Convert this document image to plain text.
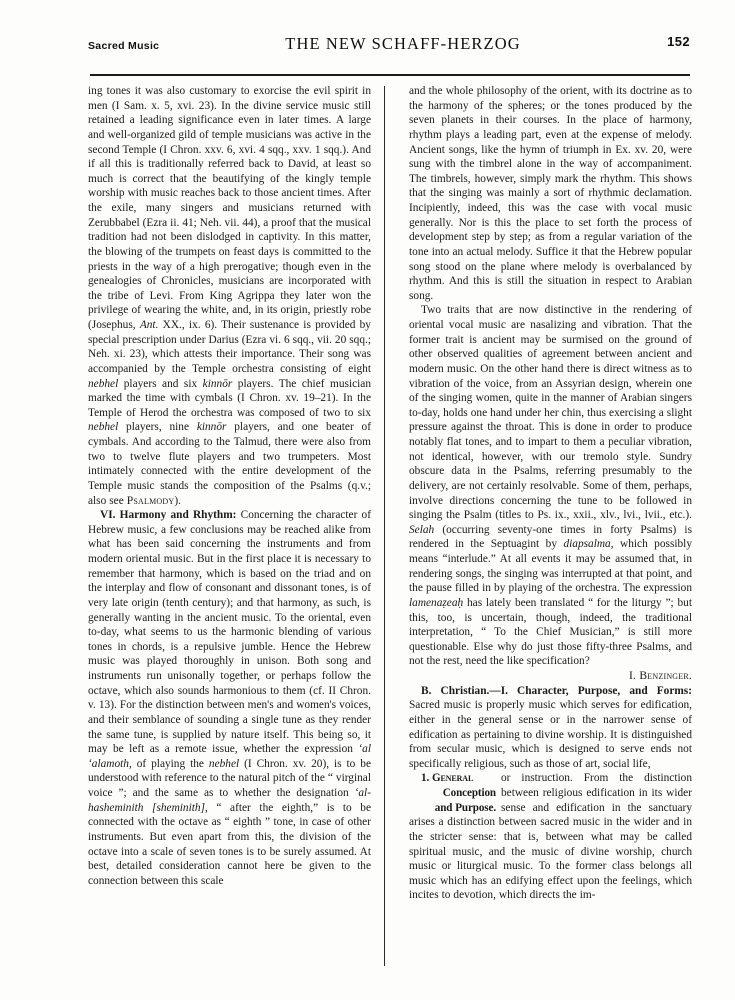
Sacred Music	THE NEW SCHAFF-HERZOG	152

ing tones it was also customary to exorcise the evil spirit in men (I Sam. x. 5, xvi. 23). In the divine service music still retained a leading significance even in later times. A large and well-organized gild of temple musicians was active in the second Temple (I Chron. xxv. 6, xvi. 4 sqq., xxv. 1 sqq.). And if all this is traditionally referred back to David, at least so much is correct that the beautifying of the kingly temple worship with music reaches back to those ancient times. After the exile, many singers and musicians returned with Zerubbabel (Ezra ii. 41; Neh. vii. 44), a proof that the musical tradition had not been dislodged in captivity. In this matter, the blowing of the trumpets on feast days is committed to the priests in the way of a high prerogative; though even in the genealogies of Chronicles, musicians are incorporated with the tribe of Levi. From King Agrippa they later won the privilege of wearing the white, and, in its origin, priestly robe (Josephus, Ant. XX., ix. 6). Their sustenance is provided by special prescription under Darius (Ezra vi. 6 sqq., vii. 20 sqq.; Neh. xi. 23), which attests their importance. Their song was accompanied by the Temple orchestra consisting of eight nebhel players and six kinnōr players. The chief musician marked the time with cymbals (I Chron. xv. 19–21). In the Temple of Herod the orchestra was composed of two to six nebhel players, nine kinnōr players, and one beater of cymbals. And according to the Talmud, there were also from two to twelve flute players and two trumpeters. Most intimately connected with the entire development of the Temple music stands the composition of the Psalms (q.v.; also see Psalmody).

VI. Harmony and Rhythm: Concerning the character of Hebrew music, a few conclusions may be reached alike from what has been said concerning the instruments and from modern oriental music. But in the first place it is necessary to remember that harmony, which is based on the triad and on the interplay and flow of consonant and dissonant tones, is of very late origin (tenth century); and that harmony, as such, is generally wanting in the ancient music. To the oriental, even to-day, what seems to us the harmonic blending of various tones in chords, is a repulsive jumble. Hence the Hebrew music was played thoroughly in unison. Both song and instruments run unisonally together, or perhaps follow the octave, which also sounds harmonious to them (cf. II Chron. v. 13). For the distinction between men's and women's voices, and their semblance of sounding a single tune as they render the same tune, is supplied by nature itself. This being so, it may be left as a remote issue, whether the expression ‘al ‘alamoth, of playing the nebhel (I Chron. xv. 20), is to be understood with reference to the natural pitch of the “ virginal voice ”; and the same as to whether the designation ‘al-hasheminith [sheminith], “ after the eighth,” is to be connected with the octave as “ eighth ” tone, in case of other instruments. But even apart from this, the division of the octave into a scale of seven tones is to be surely assumed. At best, detailed consideration cannot here be given to the connection between this scale

and the whole philosophy of the orient, with its doctrine as to the harmony of the spheres; or the tones produced by the seven planets in their courses. In the place of harmony, rhythm plays a leading part, even at the expense of melody. Ancient songs, like the hymn of triumph in Ex. xv. 20, were sung with the timbrel alone in the way of accompaniment. The timbrels, however, simply mark the rhythm. This shows that the singing was mainly a sort of rhythmic declamation. Incipiently, indeed, this was the case with vocal music generally. Nor is this the place to set forth the process of development step by step; as from a regular variation of the tone into an actual melody. Suffice it that the Hebrew popular song stood on the plane where melody is overbalanced by rhythm. And this is still the situation in respect to Arabian song.

Two traits that are now distinctive in the rendering of oriental vocal music are nasalizing and vibration. That the former trait is ancient may be surmised on the ground of other observed qualities of agreement between ancient and modern music. On the other hand there is direct witness as to vibration of the voice, from an Assyrian design, wherein one of the singing women, quite in the manner of Arabian singers to-day, holds one hand under her chin, thus exercising a slight pressure against the throat. This is done in order to produce notably flat tones, and to impart to them a peculiar vibration, not identical, however, with our tremolo style. Sundry obscure data in the Psalms, referring presumably to the delivery, are not certainly resolvable. Some of them, perhaps, involve directions concerning the tune to be followed in singing the Psalm (titles to Ps. ix., xxii., xlv., lvi., lvii., etc.). Selah (occurring seventy-one times in forty Psalms) is rendered in the Septuagint by diapsalma, which possibly means “interlude.” At all events it may be assumed that, in rendering songs, the singing was interrupted at that point, and the pause filled in by playing of the orchestra. The expression lamenaẓeaḥ has lately been translated “ for the liturgy ”; but this, too, is uncertain, though, indeed, the traditional interpretation, “ To the Chief Musician,” is still more questionable. Else why do just those fifty-three Psalms, and not the rest, need the like specification?

I. Benzinger.

B. Christian.—I. Character, Purpose, and Forms: Sacred music is properly music which serves for edification, either in the general sense or in the narrower sense of edification as pertaining to divine worship. It is distinguished from secular music, which is designed to serve ends not specifically religious, such as those of art, social life,

1. General
Conception
and Purpose.

or instruction. From the distinction between religious edification in its wider sense and edification in the sanctuary arises a distinction between sacred music in the wider and in the stricter sense: that is, between what may be called spiritual music, and the music of divine worship, church music or liturgical music. To the former class belongs all music which has an edifying effect upon the feelings, which incites to devotion, which directs the im-
